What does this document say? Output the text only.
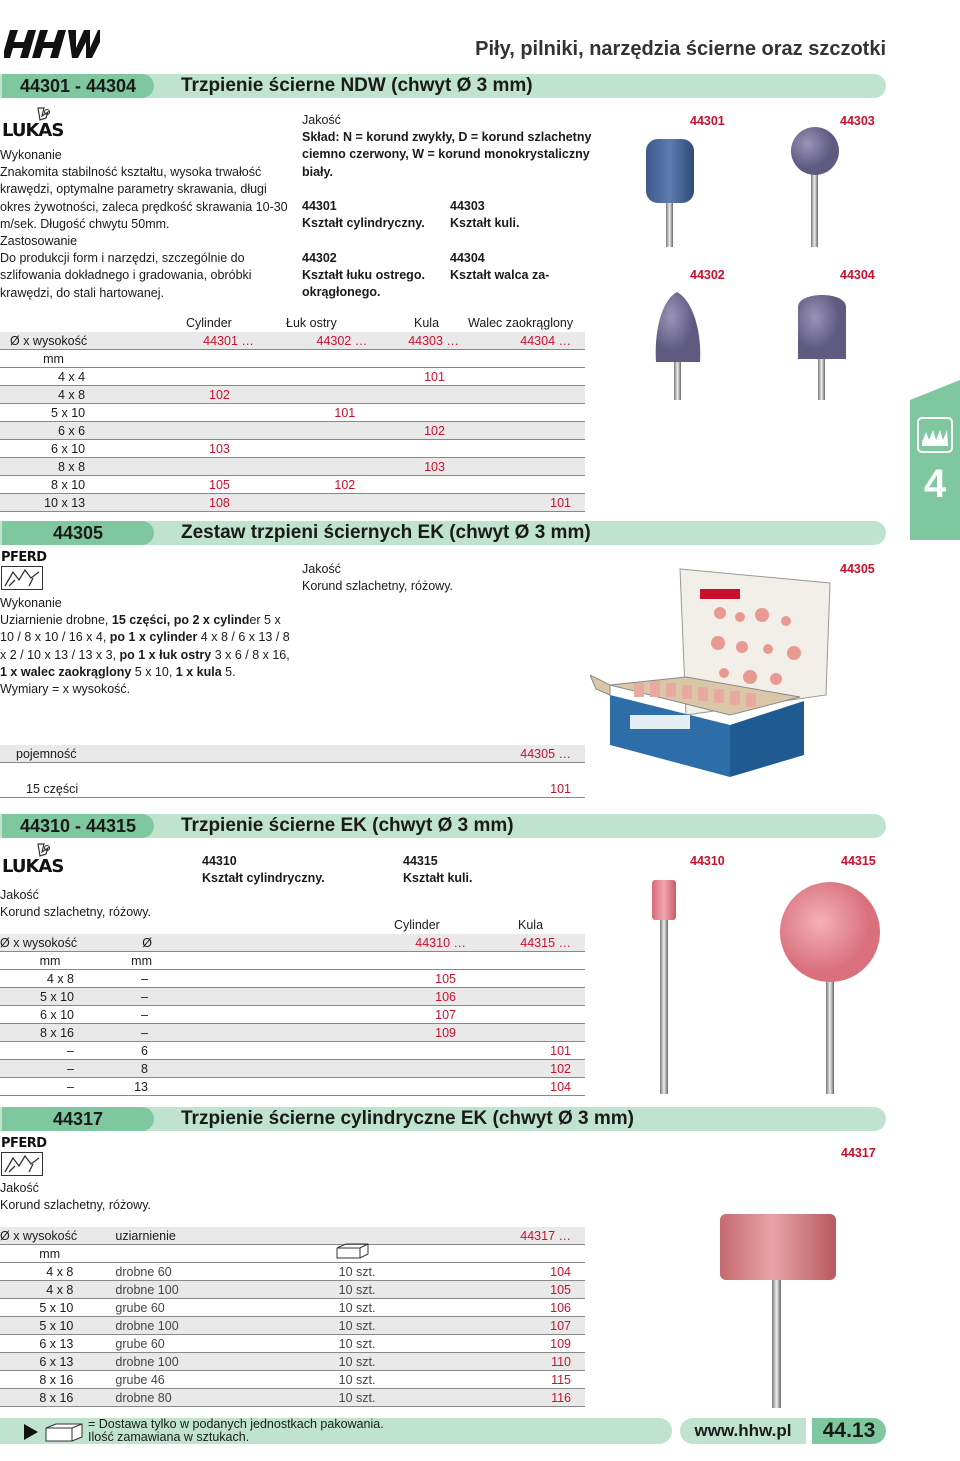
Piły, pilniki, narzędzia ścierne oraz szczotki
4
44301 - 44304	Trzpienie ścierne NDW (chwyt Ø 3 mm)
LUKAS
Wykonanie
Znakomita stabilność kształtu, wysoka trwałość
krawędzi, optymalne parametry skrawania, długi
okres żywotności, zaleca prędkość skrawania 10-30
m/sek. Długość chwytu 50mm.
Zastosowanie
Do produkcji form i narzędzi, szczególnie do
szlifowania dokładnego i gradowania, obróbki
krawędzi, do stali hartowanej.
Jakość
Skład: N = korund zwykły, D = korund szlachetny
ciemno czerwony, W = korund monokrystaliczny
biały.
44301
Kształt cylindryczny.
44303
Kształt kuli.
44302
Kształt łuku ostrego.
44304
Kształt walca za-
okrągłonego.
44301	44303
44302	44304
Cylinder	Łuk ostry	Kula Walec zaokrąglony
Ø x wysokość	44301 …	44302 …	44303 …	44304 …
mm				
4 x 4			101	
4 x 8	102			
5 x 10		101		
6 x 6			102	
6 x 10	103			
8 x 8			103	
8 x 10	105	102		
10 x 13	108			101
44305	Zestaw trzpieni ściernych EK (chwyt Ø 3 mm)
PFERD
Wykonanie
Uziarnienie drobne, 15 części, po 2 x cylinder 5 x
10 / 8 x 10 / 16 x 4, po 1 x cylinder 4 x 8 / 6 x 13 / 8
x 2 / 10 x 13 / 13 x 3, po 1 x łuk ostry 3 x 6 / 8 x 16,
1 x walec zaokrąglony 5 x 10, 1 x kula 5.
Wymiary = x wysokość.
Jakość
Korund szlachetny, różowy.
44305
pojemność	44305 …

15 części	101
44310 - 44315	Trzpienie ścierne EK (chwyt Ø 3 mm)
LUKAS
Jakość
Korund szlachetny, różowy.
44310
Kształt cylindryczny.
44315
Kształt kuli.
44310	44315
Cylinder	Kula
Ø x wysokość	Ø	44310 …	44315 …
mm	mm		
4 x 8	–	105	
5 x 10	–	106	
6 x 10	–	107	
8 x 16	–	109	
–	6		101
–	8		102
–	13		104
44317	Trzpienie ścierne cylindryczne EK (chwyt Ø 3 mm)
PFERD
Jakość
Korund szlachetny, różowy.
44317
Ø x wysokość	uziarnienie		44317 …
mm			
4 x 8	drobne 60	10 szt.	104
4 x 8	drobne 100	10 szt.	105
5 x 10	grube 60	10 szt.	106
5 x 10	drobne 100	10 szt.	107
6 x 13	grube 60	10 szt.	109
6 x 13	drobne 100	10 szt.	110
8 x 16	grube 46	10 szt.	115
8 x 16	drobne 80	10 szt.	116
= Dostawa tylko w podanych jednostkach pakowania.
Ilość zamawiana w sztukach.	www.hhw.pl	44.13
